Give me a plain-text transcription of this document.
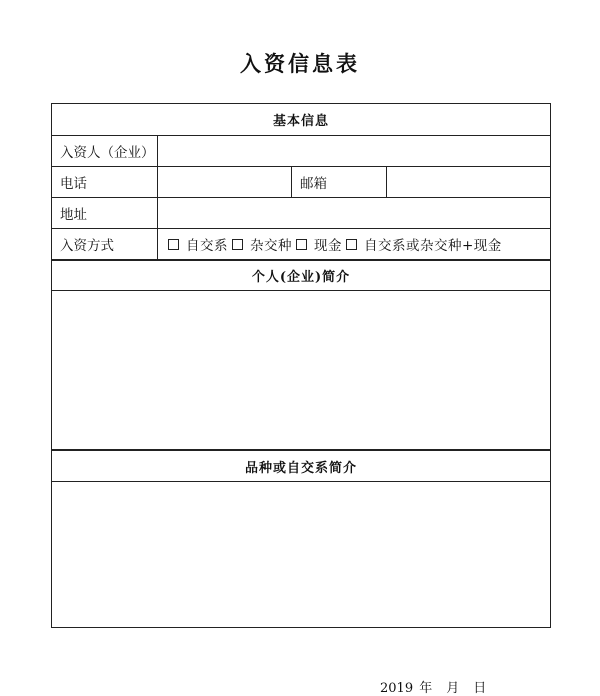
入资信息表
基本信息			
入资人（企业）			
电话		邮箱	
地址			
入资方式	自交系 杂交种 现金 自交系或杂交种+现金		

个人(企业)简介			

品种或自交系简介			

2019 年 月 日
